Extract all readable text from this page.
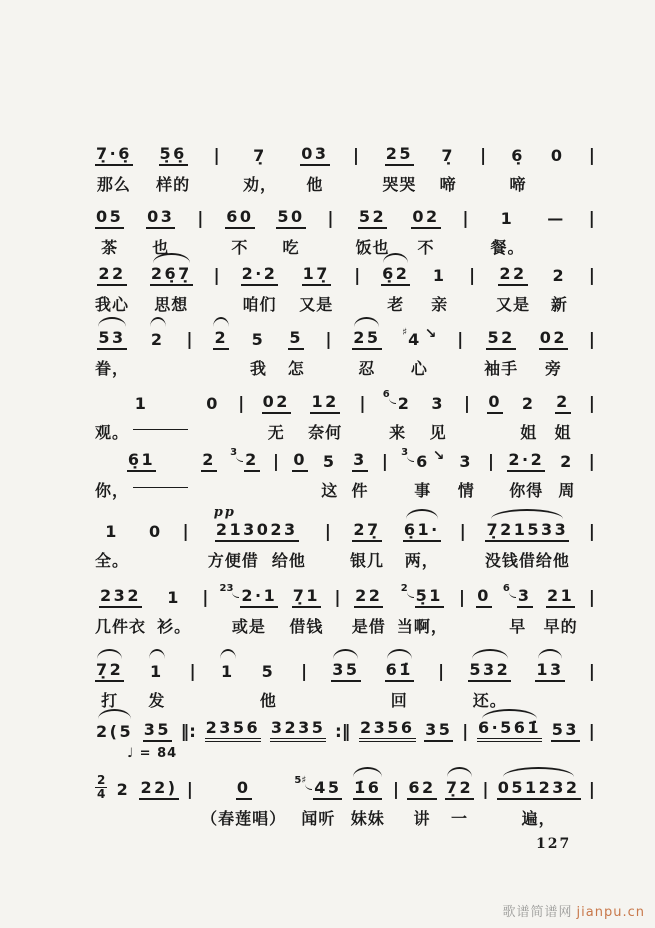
127
歌谱简谱网 jianpu.cn
7̣·6̣
那么
5̣6̣
样的
| 7̣
劝，
03
他
| 25
哭哭
7̣
啼
| 6̣
啼
0 |
05
茶
03
也
| 60
不
50
吃
| 52
饭也
02
不
| 1
餐。
— |
22
我心
26̣7̣
思想
| 2·2
咱们
17̣
又是
| 6̣2
老
1
亲
| 22
又是
2
新
|
53
眷，
2 | 2 5
我
5
怎
| 25
忍
♯ 4 ↘
心
| 52
袖手
02
旁
|
1
观。
0 | 02
无
12
奈何
| 6 2
来
3
见
| 0 2
姐
2
姐
|
6̣1
你，
2 3 2 | 0 5
这
3
件
| 3 6 ↘
事
3
情
| 2·2
你得
2
周
|
1
全。
0 |
pp
213023
方便借  给他
| 27̣
银几
6̣1·
两，
| 7̣21533
没钱借给他
|
232
几件衣
1
衫。
| 23 2·1
或是
7̣1
借钱
| 22
是借
2 5̣1
当啊，
| 0 6 3
早
21
早的
|
7̣2
打
1
发
| 1 5
他
| 35 61̇
回
| 532
还。
13 |
2(5 35 ‖: 2356 3235 :‖ 2356 35 | 6·561̇ 53 |
♩ = 84
2
4 2 22) |	0
（春莲唱）
5♯ 45
闻听
1̇6
妹妹
| 62
讲
7̣2
一
| 051232
遍，
|
